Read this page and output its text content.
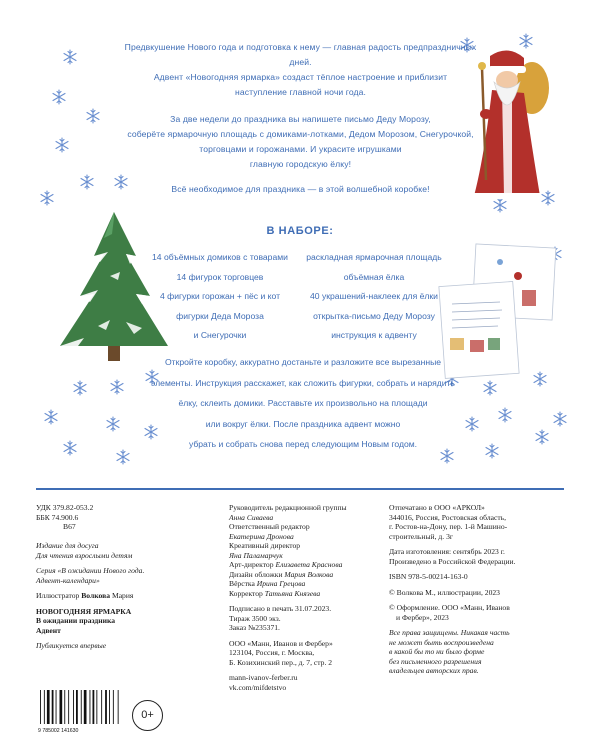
Предвкушение Нового года и подготовка к нему — главная радость предпраздничных дней.
Адвент «Новогодняя ярмарка» создаст тёплое настроение и приблизит
наступление главной ночи года.

За две недели до праздника вы напишете письмо Деду Морозу,
соберёте ярмарочную площадь с домиками-лотками, Дедом Морозом, Снегурочкой,
торговцами и горожанами. И украсите игрушками
главную городскую ёлку!

Всё необходимое для праздника — в этой волшебной коробке!

В НАБОРЕ:
14 объёмных домиков с товарами
14 фигурок торговцев
4 фигурки горожан + пёс и кот
фигурки Деда Мороза
и Снегурочки
раскладная ярмарочная площадь
объёмная ёлка
40 украшений-наклеек для ёлки
открытка-письмо Деду Морозу
инструкция к адвенту
Откройте коробку, аккуратно достаньте и разложите все вырезанные
элементы. Инструкция расскажет, как сложить фигурки, собрать и нарядить
ёлку, склеить домики. Расставьте их произвольно на площади
или вокруг ёлки. После праздника адвент можно
убрать и собрать снова перед следующим Новым годом.
УДК 379.82-053.2
ББК 74.900.6
В67
Издание для досуга
Для чтения взрослыми детям
Серия «В ожидании Нового года.
Адвент-календари»
Иллюстратор Волкова Мария
НОВОГОДНЯЯ ЯРМАРКА
В ожидании праздника
Адвент
Публикуется впервые
9 785002 141630
0+
Руководитель редакционной группы
Анна Сиваева
Ответственный редактор
Екатерина Дронова
Креативный директор
Яна Паламарчук
Арт-директор Елизавета Краснова
Дизайн обложки Мария Волкова
Вёрстка Ирина Грецова
Корректор Татьяна Князева
Подписано в печать 31.07.2023.
Тираж 3500 экз.
Заказ №235371.
ООО «Манн, Иванов и Фербер»
123104, Россия, г. Москва,
Б. Козихинский пер., д. 7, стр. 2
mann-ivanov-ferber.ru
vk.com/mifdetstvo
Отпечатано в ООО «АРКОЛ»
344016, Россия, Ростовская область,
г. Ростов-на-Дону, пер. 1-й Машино-
строительный, д. 3г
Дата изготовления: сентябрь 2023 г.
Произведено в Российской Федерации.
ISBN 978-5-00214-163-0
© Волкова М., иллюстрации, 2023
© Оформление. ООО «Манн, Иванов
и Фербер», 2023
Все права защищены. Никакая часть
не может быть воспроизведена
в какой бы то ни было форме
без письменного разрешения
владельцев авторских прав.
